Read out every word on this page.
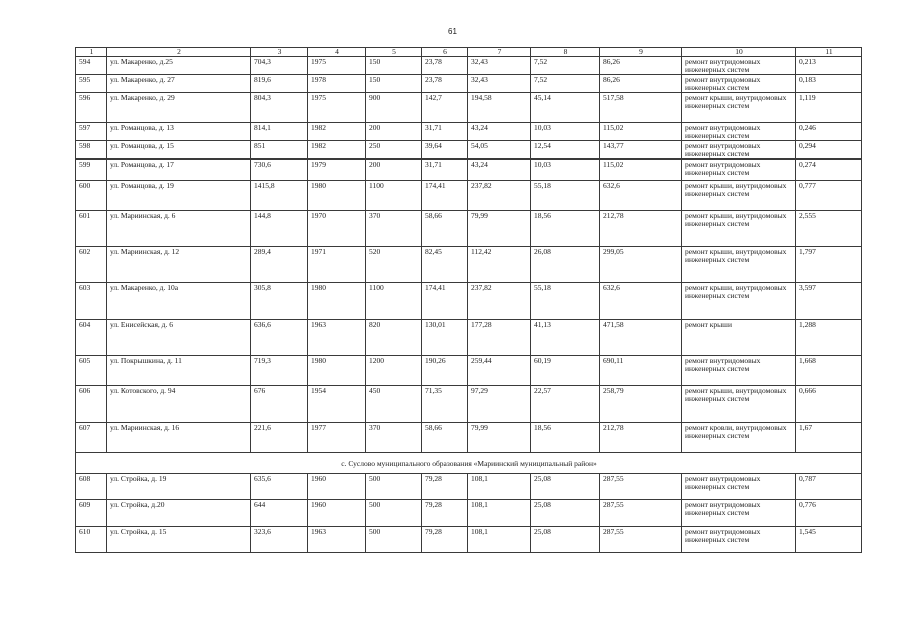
61
1	2	3	4	5	6	7	8	9	10	11
594	ул. Макаренко, д.25	704,3	1975	150	23,78	32,43	7,52	86,26	ремонт внутридомовых инженерных систем	0,213
595	ул. Макаренко, д. 27	819,6	1978	150	23,78	32,43	7,52	86,26	ремонт внутридомовых инженерных систем	0,183
596	ул. Макаренко, д. 29	804,3	1975	900	142,7	194,58	45,14	517,58	ремонт крыши, внутридомовых инженерных систем	1,119
597	ул. Романцова, д. 13	814,1	1982	200	31,71	43,24	10,03	115,02	ремонт внутридомовых инженерных систем	0,246
598	ул. Романцова, д. 15	851	1982	250	39,64	54,05	12,54	143,77	ремонт внутридомовых инженерных систем	0,294
599	ул. Романцова, д. 17	730,6	1979	200	31,71	43,24	10,03	115,02	ремонт внутридомовых инженерных систем	0,274
600	ул. Романцова, д. 19	1415,8	1980	1100	174,41	237,82	55,18	632,6	ремонт крыши, внутридомовых инженерных систем	0,777
601	ул. Мариинская, д. 6	144,8	1970	370	58,66	79,99	18,56	212,78	ремонт крыши, внутридомовых инженерных систем	2,555
602	ул. Мариинская, д. 12	289,4	1971	520	82,45	112,42	26,08	299,05	ремонт крыши, внутридомовых инженерных систем	1,797
603	ул. Макаренко, д. 10а	305,8	1980	1100	174,41	237,82	55,18	632,6	ремонт крыши, внутридомовых инженерных систем	3,597
604	ул. Енисейская, д. 6	636,6	1963	820	130,01	177,28	41,13	471,58	ремонт крыши	1,288
605	ул. Покрышкина, д. 11	719,3	1980	1200	190,26	259,44	60,19	690,11	ремонт внутридомовых инженерных систем	1,668
606	ул. Котовского, д. 94	676	1954	450	71,35	97,29	22,57	258,79	ремонт крыши, внутридомовых инженерных систем	0,666
607	ул. Мариинская, д. 16	221,6	1977	370	58,66	79,99	18,56	212,78	ремонт кровли, внутридомовых инженерных систем	1,67
с. Суслово муниципального образования «Мариинский муниципальный район»										
608	ул. Стройка, д. 19	635,6	1960	500	79,28	108,1	25,08	287,55	ремонт внутридомовых инженерных систем	0,787
609	ул. Стройка, д.20	644	1960	500	79,28	108,1	25,08	287,55	ремонт внутридомовых инженерных систем	0,776
610	ул. Стройка, д. 15	323,6	1963	500	79,28	108,1	25,08	287,55	ремонт внутридомовых инженерных систем	1,545
